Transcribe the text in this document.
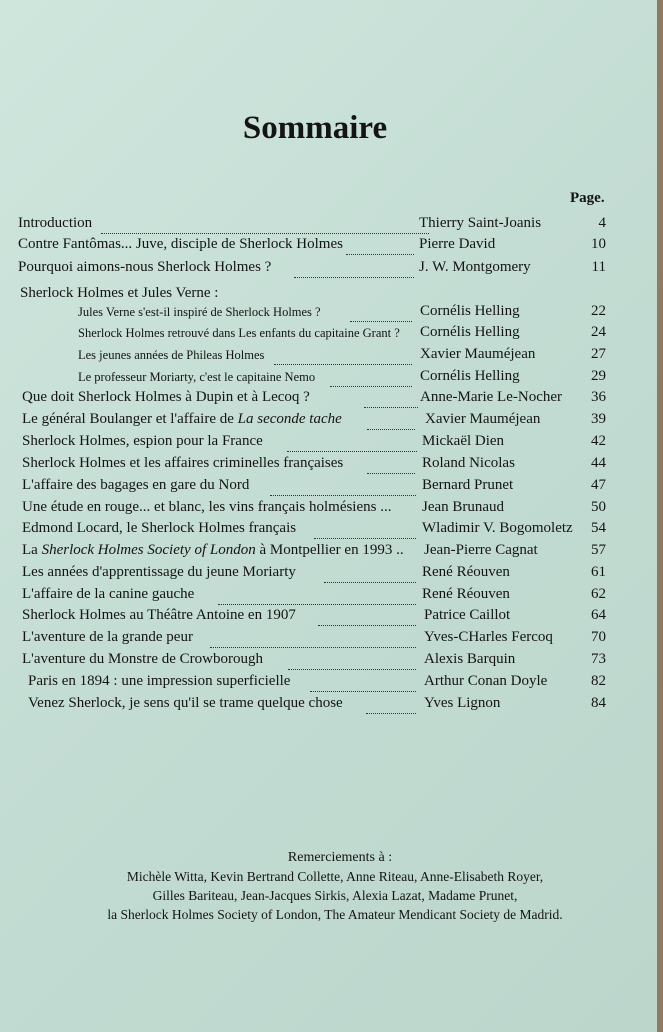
Sommaire
Page.
Introduction	Thierry Saint-Joanis	4
Contre Fantômas... Juve, disciple de Sherlock Holmes	Pierre David	10
Pourquoi aimons-nous Sherlock Holmes ?	J. W. Montgomery	11
Sherlock Holmes et Jules Verne :
Jules Verne s'est-il inspiré de Sherlock Holmes ?	Cornélis Helling	22
Sherlock Holmes retrouvé dans Les enfants du capitaine Grant ? Cornélis Helling	24
Les jeunes années de Phileas Holmes	Xavier Mauméjean	27
Le professeur Moriarty, c'est le capitaine Nemo	Cornélis Helling	29
Que doit Sherlock Holmes à Dupin et à Lecoq ?	Anne-Marie Le-Nocher	36
Le général Boulanger et l'affaire de La seconde tache	Xavier Mauméjean	39
Sherlock Holmes, espion pour la France	Mickaël Dien	42
Sherlock Holmes et les affaires criminelles françaises	Roland Nicolas	44
L'affaire des bagages en gare du Nord	Bernard Prunet	47
Une étude en rouge... et blanc, les vins français holmésiens ... Jean Brunaud	50
Edmond Locard, le Sherlock Holmes français	Wladimir V. Bogomoletz	54
La Sherlock Holmes Society of London à Montpellier en 1993 .. Jean-Pierre Cagnat	57
Les années d'apprentissage du jeune Moriarty	René Réouven	61
L'affaire de la canine gauche	René Réouven	62
Sherlock Holmes au Théâtre Antoine en 1907	Patrice Caillot	64
L'aventure de la grande peur	Yves-CHarles Fercoq	70
L'aventure du Monstre de Crowborough	Alexis Barquin	73
Paris en 1894 : une impression superficielle	Arthur Conan Doyle	82
Venez Sherlock, je sens qu'il se trame quelque chose	Yves Lignon	84
Remerciements à :
Michèle Witta, Kevin Bertrand Collette, Anne Riteau, Anne-Elisabeth Royer,
Gilles Bariteau, Jean-Jacques Sirkis, Alexia Lazat, Madame Prunet,
la Sherlock Holmes Society of London, The Amateur Mendicant Society de Madrid.
